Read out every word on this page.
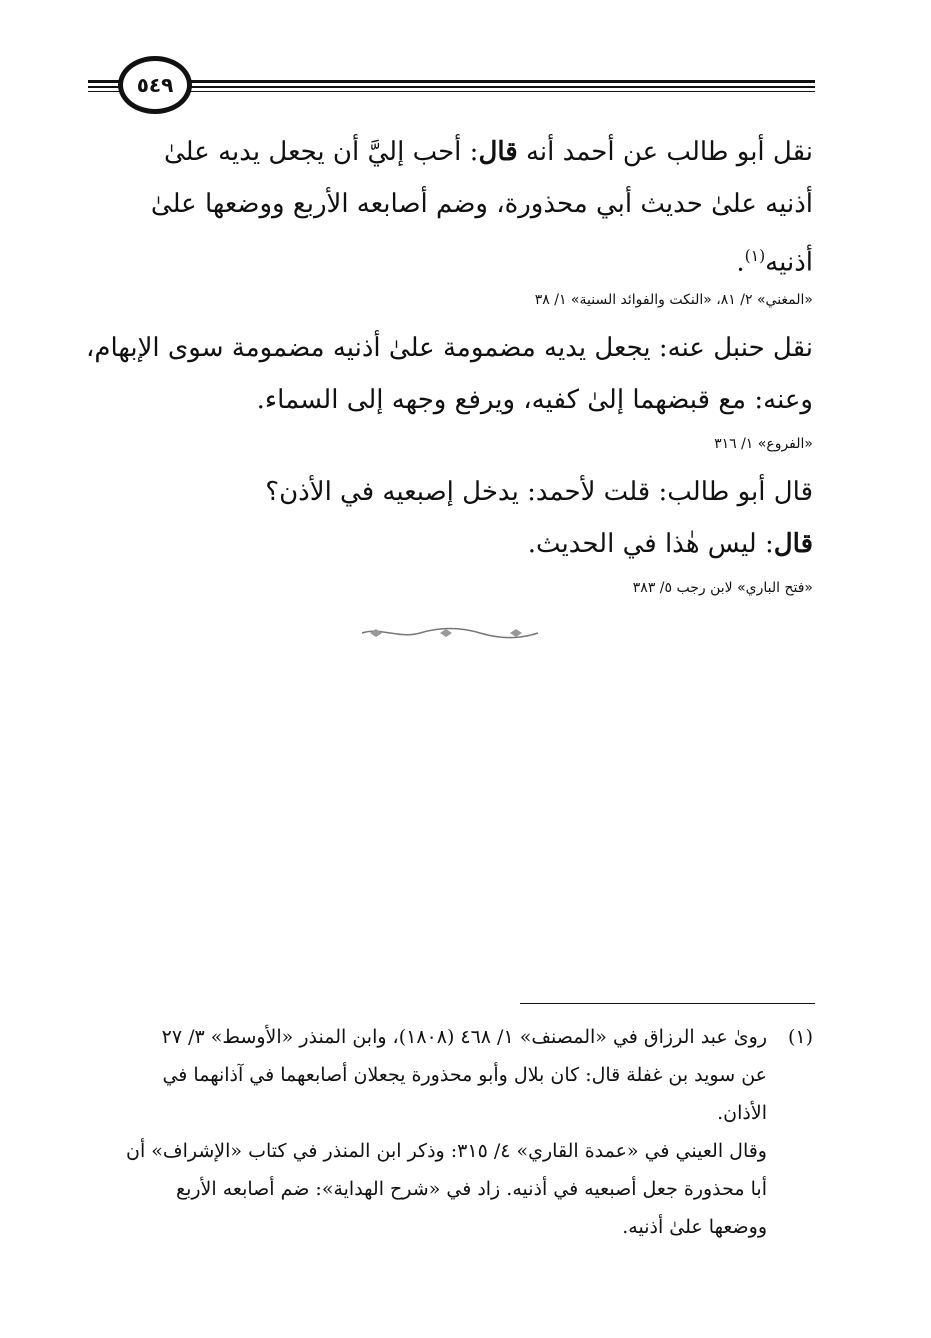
٥٤٩
نقل أبو طالب عن أحمد أنه قال: أحب إليَّ أن يجعل يديه علىٰ
أذنيه علىٰ حديث أبي محذورة، وضم أصابعه الأربع ووضعها علىٰ
أذنيه$^{(١)}$.
«المغني» ٢/ ٨١، «النكت والفوائد السنية» ١/ ٣٨
نقل حنبل عنه: يجعل يديه مضمومة علىٰ أذنيه مضمومة سوى الإبهام،
وعنه: مع قبضهما إلىٰ كفيه، ويرفع وجهه إلى السماء.
«الفروع» ١/ ٣١٦
قال أبو طالب: قلت لأحمد: يدخل إصبعيه في الأذن؟
قال: ليس هٰذا في الحديث.
«فتح الباري» لابن رجب ٥/ ٣٨٣
(١)روىٰ عبد الرزاق في «المصنف» ١/ ٤٦٨ (١٨٠٨)، وابن المنذر «الأوسط» ٣/ ٢٧
عن سويد بن غفلة قال: كان بلال وأبو محذورة يجعلان أصابعهما في آذانهما في
الأذان.
وقال العيني في «عمدة القاري» ٤/ ٣١٥: وذكر ابن المنذر في كتاب «الإشراف» أن
أبا محذورة جعل أصبعيه في أذنيه. زاد في «شرح الهداية»: ضم أصابعه الأربع
ووضعها علىٰ أذنيه.
